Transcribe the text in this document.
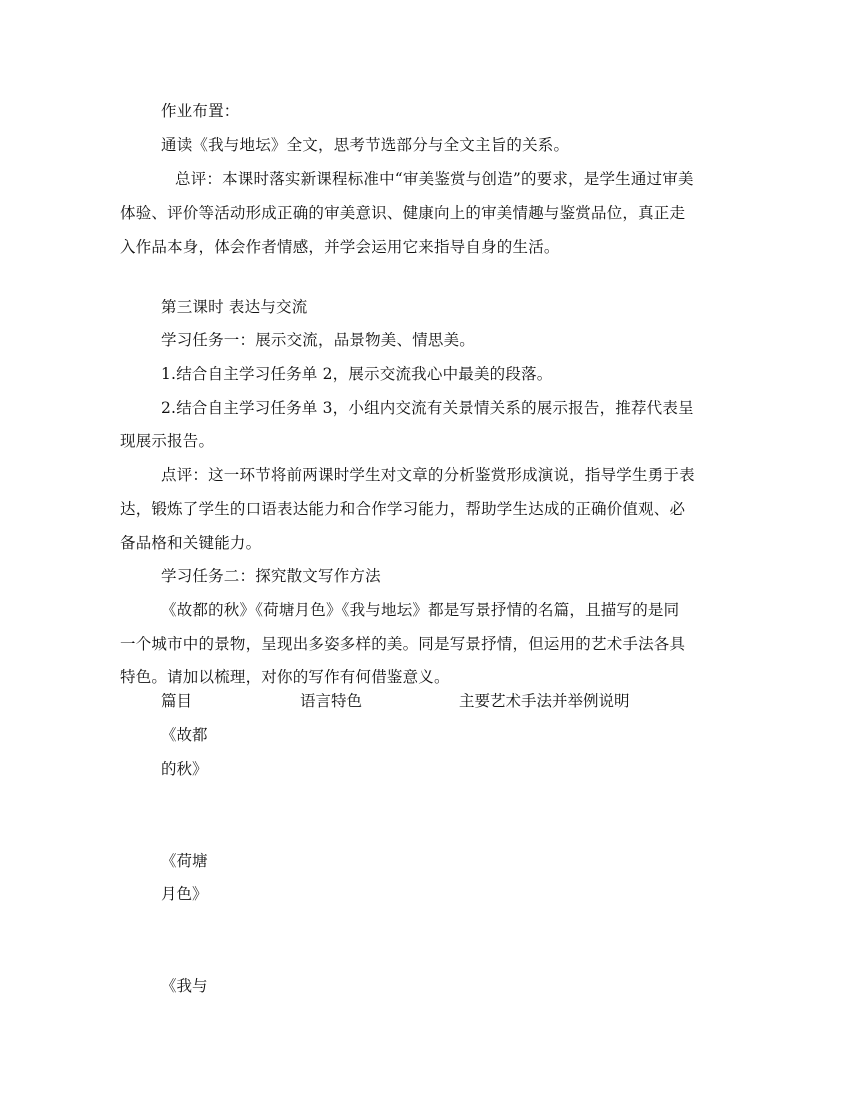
作业布置：
通读《我与地坛》全文，思考节选部分与全文主旨的关系。
总评：本课时落实新课程标准中“审美鉴赏与创造”的要求，是学生通过审美
体验、评价等活动形成正确的审美意识、健康向上的审美情趣与鉴赏品位，真正走
入作品本身，体会作者情感，并学会运用它来指导自身的生活。
第三课时 表达与交流
学习任务一：展示交流，品景物美、情思美。
1.结合自主学习任务单 2，展示交流我心中最美的段落。
2.结合自主学习任务单 3，小组内交流有关景情关系的展示报告，推荐代表呈
现展示报告。
点评：这一环节将前两课时学生对文章的分析鉴赏形成演说，指导学生勇于表
达，锻炼了学生的口语表达能力和合作学习能力，帮助学生达成的正确价值观、必
备品格和关键能力。
学习任务二：探究散文写作方法
《故都的秋》《荷塘月色》《我与地坛》都是写景抒情的名篇，且描写的是同
一个城市中的景物，呈现出多姿多样的美。同是写景抒情，但运用的艺术手法各具
特色。请加以梳理，对你的写作有何借鉴意义。
篇目	语言特色	主要艺术手法并举例说明
《故都
的秋》
《荷塘
月色》
《我与
